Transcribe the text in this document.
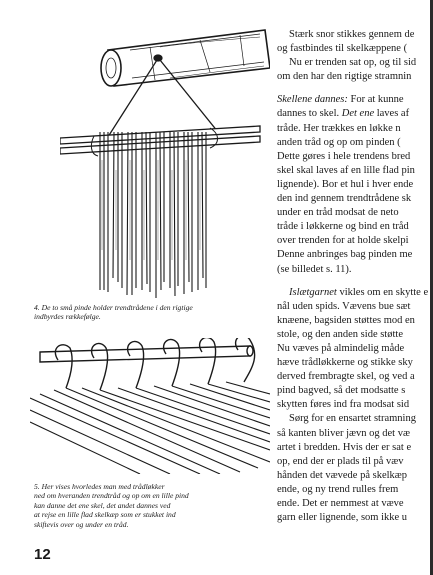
4. De to små pinde holder trendtrådene i den rigtige
indbyrdes rækkefølge.

5. Her vises hvorledes man med trådløkker
ned om hveranden trendtråd og op om en lille pind
kan danne det ene skel, det andet dannes ved
at rejse en lille flad skelkæp som er stukket ind
skiftevis over og under en tråd.

12

Stærk snor stikkes gennem de
og fastbindes til skelkæppene (
Nu er trenden sat op, og til sid
om den har den rigtige stramnin

Skellene dannes: For at kunne
dannes to skel. Det ene laves af
tråde. Her trækkes en løkke n
anden tråd og op om pinden (
Dette gøres i hele trendens bred
skel skal laves af en lille flad pin
lignende). Bor et hul i hver ende
den ind gennem trendtrådene sk
under en tråd modsat de neto
tråde i løkkerne og bind en tråd
over trenden for at holde skelpi
Denne anbringes bag pinden me
(se billedet s. 11).

Islætgarnet vikles om en skytte e
nål uden spids. Vævens bue sæt
knæene, bagsiden støttes mod en
stole, og den anden side støtte
Nu væves på almindelig måde
hæve trådløkkerne og stikke sky
derved frembragte skel, og ved a
pind bagved, så det modsatte s
skytten føres ind fra modsat sid
Sørg for en ensartet stramning
så kanten bliver jævn og det væ
artet i bredden. Hvis der er sat e
op, end der er plads til på væv
hånden det vævede på skelkæp
ende, og ny trend rulles frem
ende. Det er nemmest at væve
garn eller lignende, som ikke u
